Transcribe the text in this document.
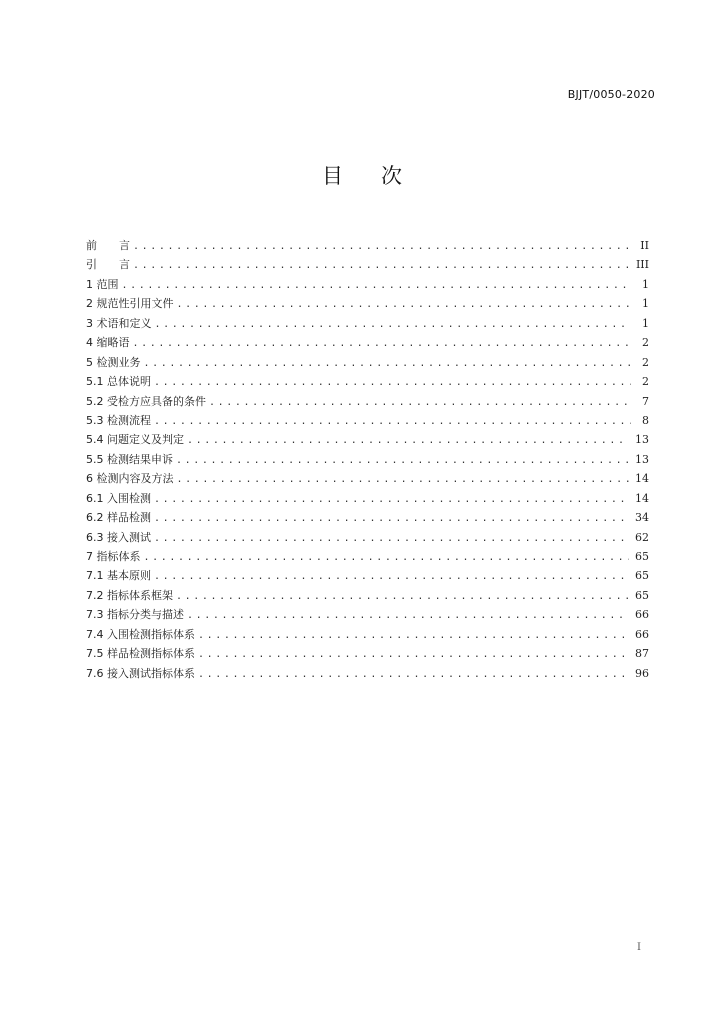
BJJT/0050-2020
目 次
前　　言 .....	II
引　　言 .....	III
1 范围 .....	1
2 规范性引用文件 .....	1
3 术语和定义 .....	1
4 缩略语 .....	2
5 检测业务 .....	2
5.1 总体说明 .....	2
5.2 受检方应具备的条件 .....	7
5.3 检测流程 .....	8
5.4 问题定义及判定 .....	13
5.5 检测结果申诉 .....	13
6 检测内容及方法 .....	14
6.1 入围检测 .....	14
6.2 样品检测 .....	34
6.3 接入测试 .....	62
7 指标体系 .....	65
7.1 基本原则 .....	65
7.2 指标体系框架 .....	65
7.3 指标分类与描述 .....	66
7.4 入围检测指标体系 .....	66
7.5 样品检测指标体系 .....	87
7.6 接入测试指标体系 .....	96
I
